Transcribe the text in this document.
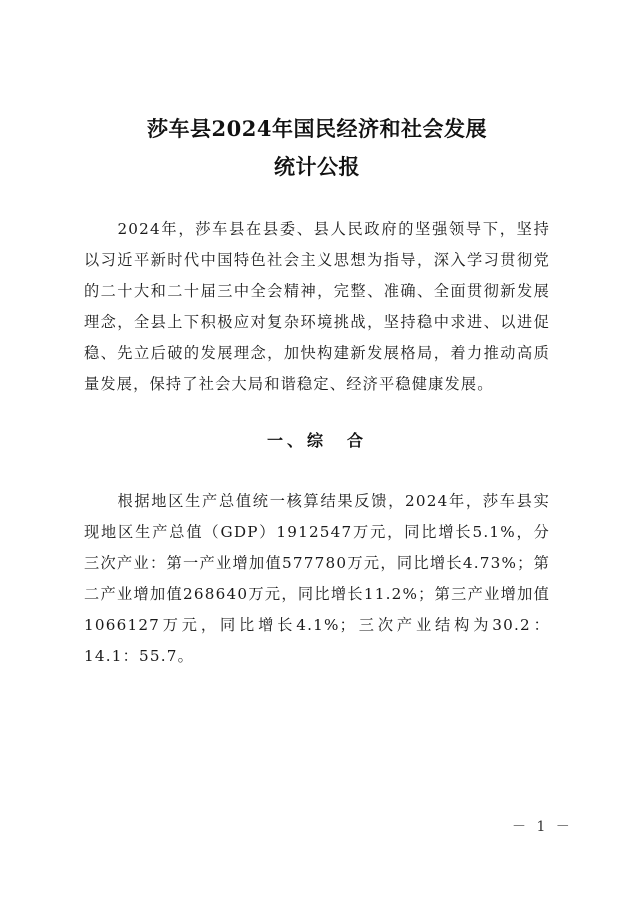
莎车县2024年国民经济和社会发展
统计公报

2024年，莎车县在县委、县人民政府的坚强领导下，坚持以习近平新时代中国特色社会主义思想为指导，深入学习贯彻党的二十大和二十届三中全会精神，完整、准确、全面贯彻新发展理念，全县上下积极应对复杂环境挑战，坚持稳中求进、以进促稳、先立后破的发展理念，加快构建新发展格局，着力推动高质量发展，保持了社会大局和谐稳定、经济平稳健康发展。

一、综　合

根据地区生产总值统一核算结果反馈，2024年，莎车县实现地区生产总值（GDP）1912547万元，同比增长5.1%，分三次产业：第一产业增加值577780万元，同比增长4.73%；第二产业增加值268640万元，同比增长11.2%；第三产业增加值1066127万元，同比增长4.1%；三次产业结构为30.2：14.1：55.7。

－ 1 －
